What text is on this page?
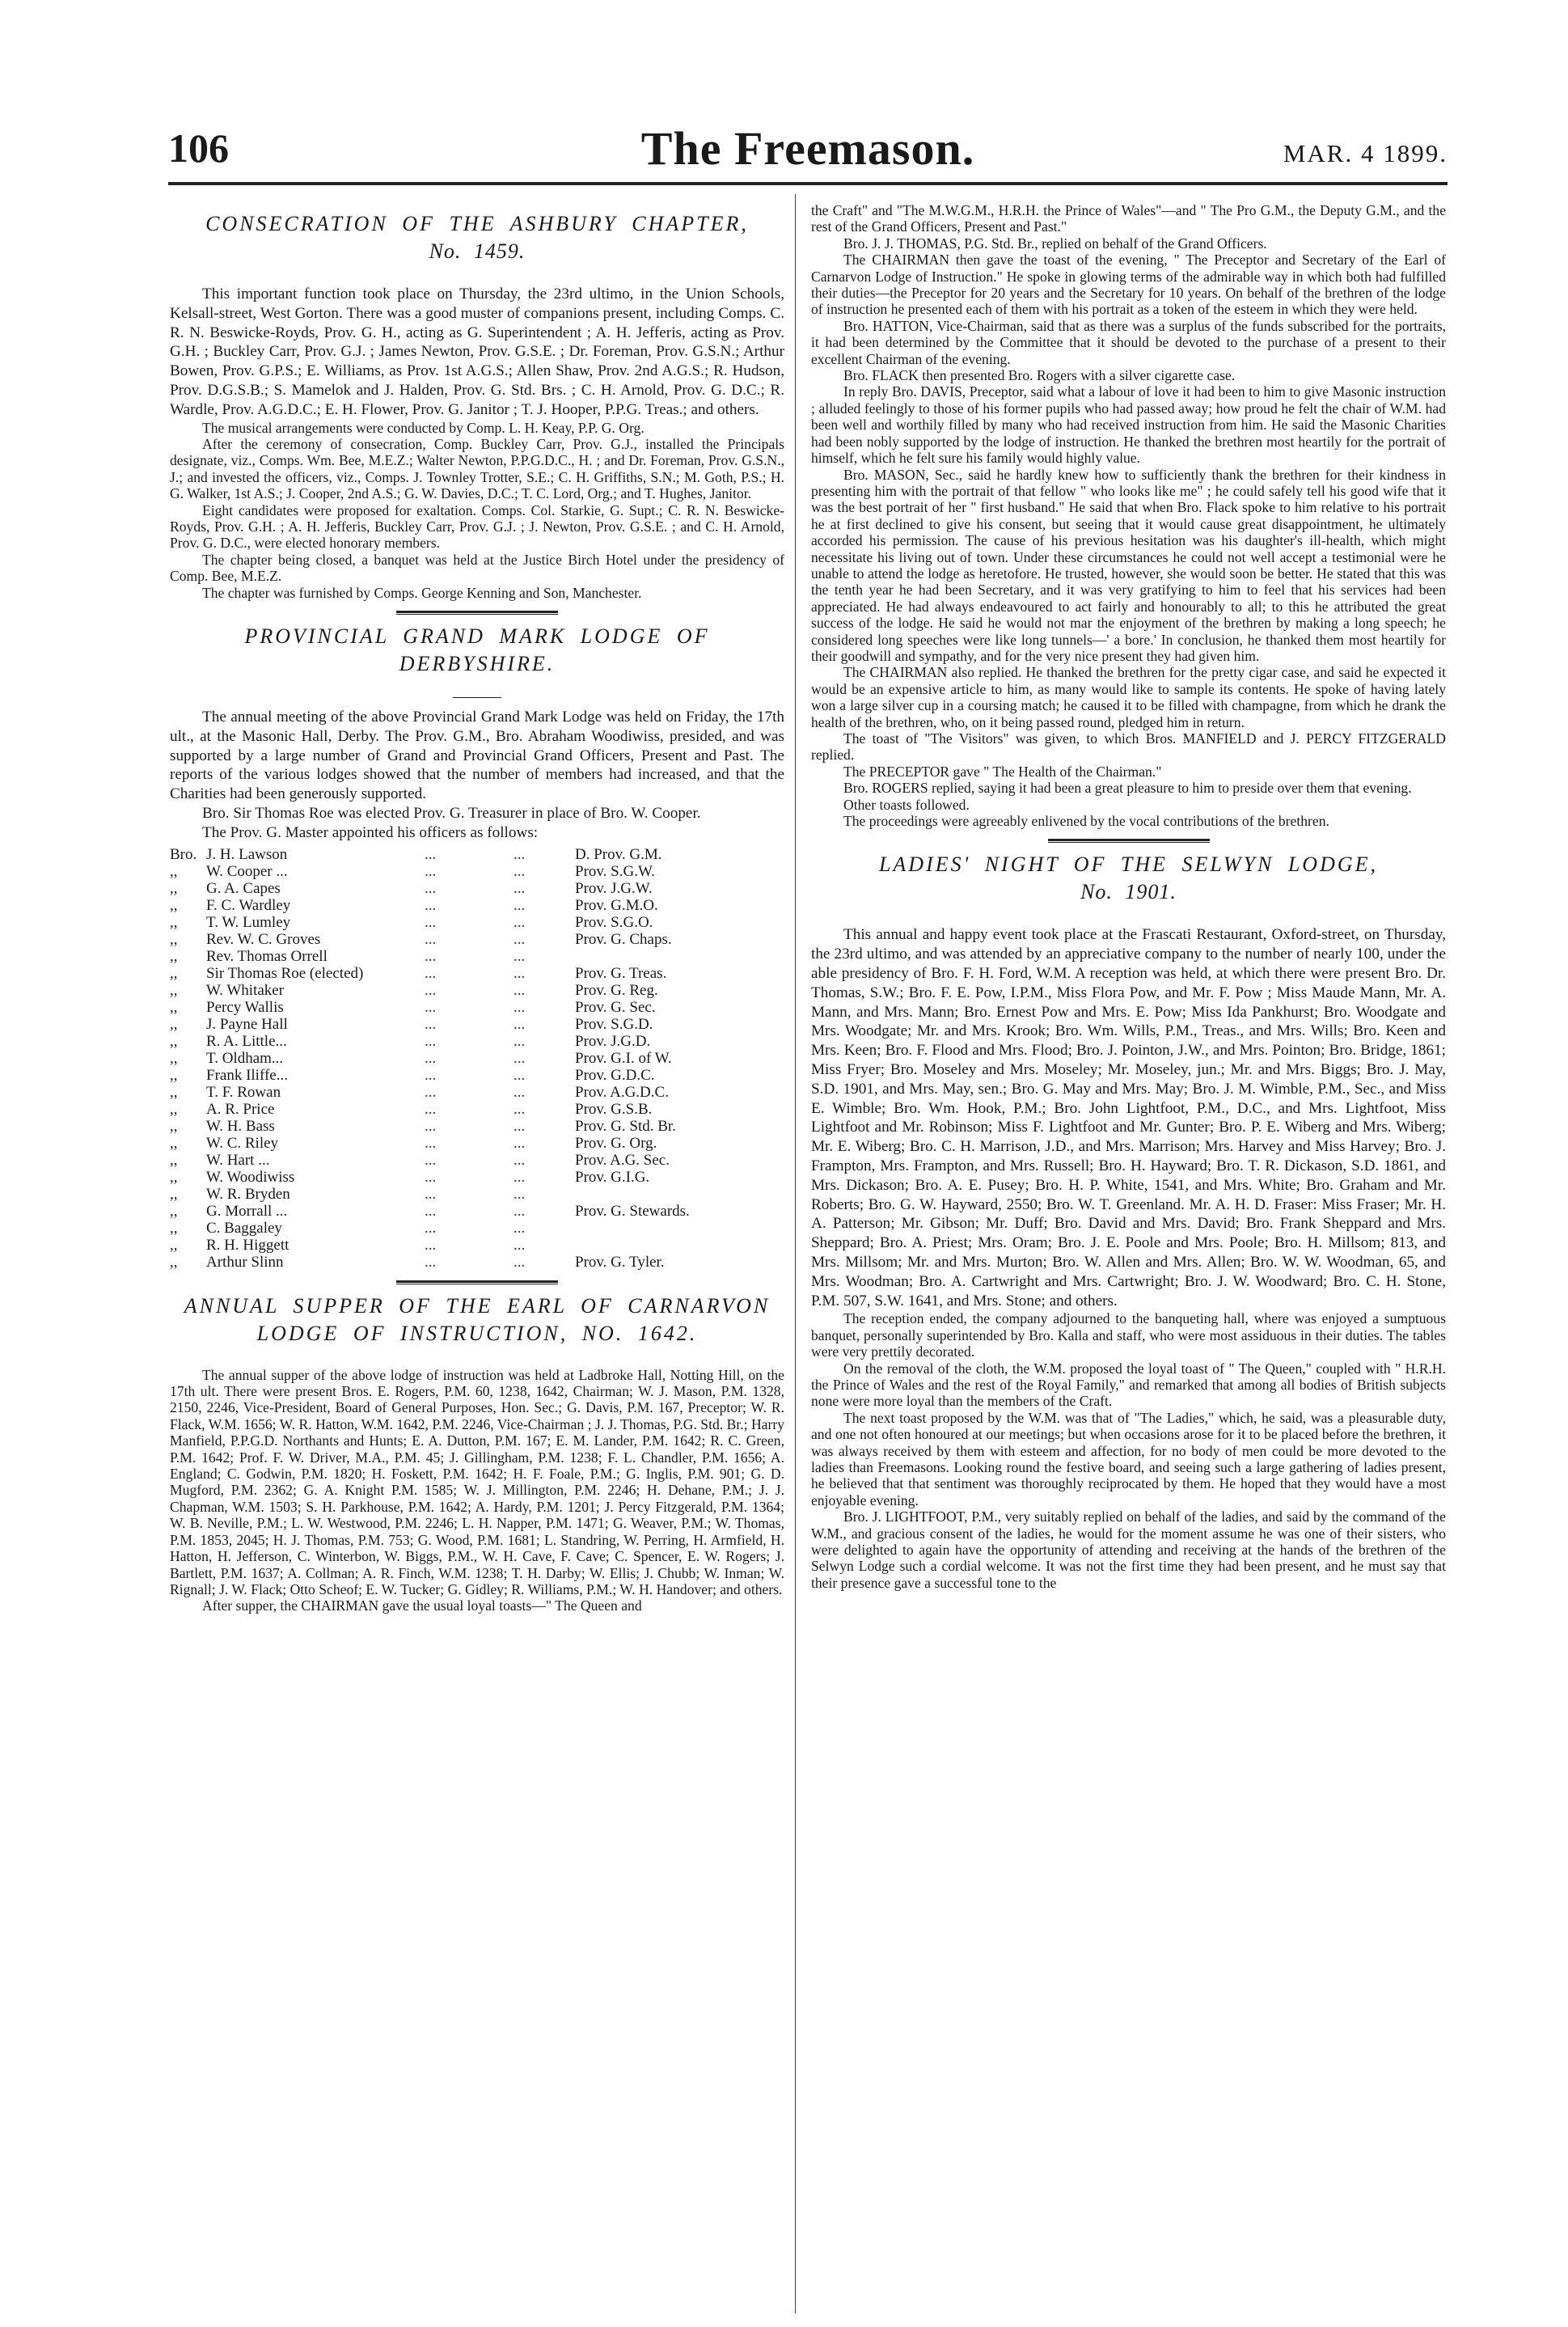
106	The Freemason.	MAR. 4 1899.
CONSECRATION OF THE ASHBURY CHAPTER,
No. 1459.

This important function took place on Thursday, the 23rd ultimo, in the Union Schools, Kelsall-street, West Gorton. There was a good muster of companions present, including Comps. C. R. N. Beswicke-Royds, Prov. G. H., acting as G. Superintendent ; A. H. Jefferis, acting as Prov. G.H. ; Buckley Carr, Prov. G.J. ; James Newton, Prov. G.S.E. ; Dr. Foreman, Prov. G.S.N.; Arthur Bowen, Prov. G.P.S.; E. Williams, as Prov. 1st A.G.S.; Allen Shaw, Prov. 2nd A.G.S.; R. Hudson, Prov. D.G.S.B.; S. Mamelok and J. Halden, Prov. G. Std. Brs. ; C. H. Arnold, Prov. G. D.C.; R. Wardle, Prov. A.G.D.C.; E. H. Flower, Prov. G. Janitor ; T. J. Hooper, P.P.G. Treas.; and others.

The musical arrangements were conducted by Comp. L. H. Keay, P.P. G. Org.

After the ceremony of consecration, Comp. Buckley Carr, Prov. G.J., installed the Principals designate, viz., Comps. Wm. Bee, M.E.Z.; Walter Newton, P.P.G.D.C., H. ; and Dr. Foreman, Prov. G.S.N., J.; and invested the officers, viz., Comps. J. Townley Trotter, S.E.; C. H. Griffiths, S.N.; M. Goth, P.S.; H. G. Walker, 1st A.S.; J. Cooper, 2nd A.S.; G. W. Davies, D.C.; T. C. Lord, Org.; and T. Hughes, Janitor.

Eight candidates were proposed for exaltation. Comps. Col. Starkie, G. Supt.; C. R. N. Beswicke-Royds, Prov. G.H. ; A. H. Jefferis, Buckley Carr, Prov. G.J. ; J. Newton, Prov. G.S.E. ; and C. H. Arnold, Prov. G. D.C., were elected honorary members.

The chapter being closed, a banquet was held at the Justice Birch Hotel under the presidency of Comp. Bee, M.E.Z.

The chapter was furnished by Comps. George Kenning and Son, Manchester.

PROVINCIAL GRAND MARK LODGE OF DERBYSHIRE.

The annual meeting of the above Provincial Grand Mark Lodge was held on Friday, the 17th ult., at the Masonic Hall, Derby. The Prov. G.M., Bro. Abraham Woodiwiss, presided, and was supported by a large number of Grand and Provincial Grand Officers, Present and Past. The reports of the various lodges showed that the number of members had increased, and that the Charities had been generously supported.

Bro. Sir Thomas Roe was elected Prov. G. Treasurer in place of Bro. W. Cooper.

The Prov. G. Master appointed his officers as follows:

Bro.	J. H. Lawson	...	...	D. Prov. G.M.
,,	W. Cooper ...	...	...	Prov. S.G.W.
,,	G. A. Capes	...	...	Prov. J.G.W.
,,	F. C. Wardley	...	...	Prov. G.M.O.
,,	T. W. Lumley	...	...	Prov. S.G.O.
,,	Rev. W. C. Groves	...	...	Prov. G. Chaps.
,,	Rev. Thomas Orrell	...	...	
,,	Sir Thomas Roe (elected)	...	...	Prov. G. Treas.
,,	W. Whitaker	...	...	Prov. G. Reg.
,,	Percy Wallis	...	...	Prov. G. Sec.
,,	J. Payne Hall	...	...	Prov. S.G.D.
,,	R. A. Little...	...	...	Prov. J.G.D.
,,	T. Oldham...	...	...	Prov. G.I. of W.
,,	Frank Iliffe...	...	...	Prov. G.D.C.
,,	T. F. Rowan	...	...	Prov. A.G.D.C.
,,	A. R. Price	...	...	Prov. G.S.B.
,,	W. H. Bass	...	...	Prov. G. Std. Br.
,,	W. C. Riley	...	...	Prov. G. Org.
,,	W. Hart ...	...	...	Prov. A.G. Sec.
,,	W. Woodiwiss	...	...	Prov. G.I.G.
,,	W. R. Bryden	...	...	
,,	G. Morrall ...	...	...	Prov. G. Stewards.
,,	C. Baggaley	...	...	
,,	R. H. Higgett	...	...	
,,	Arthur Slinn	...	...	Prov. G. Tyler.
ANNUAL SUPPER OF THE EARL OF CARNARVON
LODGE OF INSTRUCTION, NO. 1642.

The annual supper of the above lodge of instruction was held at Ladbroke Hall, Notting Hill, on the 17th ult. There were present Bros. E. Rogers, P.M. 60, 1238, 1642, Chairman; W. J. Mason, P.M. 1328, 2150, 2246, Vice-President, Board of General Purposes, Hon. Sec.; G. Davis, P.M. 167, Preceptor; W. R. Flack, W.M. 1656; W. R. Hatton, W.M. 1642, P.M. 2246, Vice-Chairman ; J. J. Thomas, P.G. Std. Br.; Harry Manfield, P.P.G.D. Northants and Hunts; E. A. Dutton, P.M. 167; E. M. Lander, P.M. 1642; R. C. Green, P.M. 1642; Prof. F. W. Driver, M.A., P.M. 45; J. Gillingham, P.M. 1238; F. L. Chandler, P.M. 1656; A. England; C. Godwin, P.M. 1820; H. Foskett, P.M. 1642; H. F. Foale, P.M.; G. Inglis, P.M. 901; G. D. Mugford, P.M. 2362; G. A. Knight P.M. 1585; W. J. Millington, P.M. 2246; H. Dehane, P.M.; J. J. Chapman, W.M. 1503; S. H. Parkhouse, P.M. 1642; A. Hardy, P.M. 1201; J. Percy Fitzgerald, P.M. 1364; W. B. Neville, P.M.; L. W. Westwood, P.M. 2246; L. H. Napper, P.M. 1471; G. Weaver, P.M.; W. Thomas, P.M. 1853, 2045; H. J. Thomas, P.M. 753; G. Wood, P.M. 1681; L. Standring, W. Perring, H. Armfield, H. Hatton, H. Jefferson, C. Winterbon, W. Biggs, P.M., W. H. Cave, F. Cave; C. Spencer, E. W. Rogers; J. Bartlett, P.M. 1637; A. Collman; A. R. Finch, W.M. 1238; T. H. Darby; W. Ellis; J. Chubb; W. Inman; W. Rignall; J. W. Flack; Otto Scheof; E. W. Tucker; G. Gidley; R. Williams, P.M.; W. H. Handover; and others.

After supper, the CHAIRMAN gave the usual loyal toasts—" The Queen and

the Craft" and "The M.W.G.M., H.R.H. the Prince of Wales"—and " The Pro G.M., the Deputy G.M., and the rest of the Grand Officers, Present and Past."

Bro. J. J. THOMAS, P.G. Std. Br., replied on behalf of the Grand Officers.

The CHAIRMAN then gave the toast of the evening, " The Preceptor and Secretary of the Earl of Carnarvon Lodge of Instruction." He spoke in glowing terms of the admirable way in which both had fulfilled their duties—the Preceptor for 20 years and the Secretary for 10 years. On behalf of the brethren of the lodge of instruction he presented each of them with his portrait as a token of the esteem in which they were held.

Bro. HATTON, Vice-Chairman, said that as there was a surplus of the funds subscribed for the portraits, it had been determined by the Committee that it should be devoted to the purchase of a present to their excellent Chairman of the evening.

Bro. FLACK then presented Bro. Rogers with a silver cigarette case.

In reply Bro. DAVIS, Preceptor, said what a labour of love it had been to him to give Masonic instruction ; alluded feelingly to those of his former pupils who had passed away; how proud he felt the chair of W.M. had been well and worthily filled by many who had received instruction from him. He said the Masonic Charities had been nobly supported by the lodge of instruction. He thanked the brethren most heartily for the portrait of himself, which he felt sure his family would highly value.

Bro. MASON, Sec., said he hardly knew how to sufficiently thank the brethren for their kindness in presenting him with the portrait of that fellow " who looks like me" ; he could safely tell his good wife that it was the best portrait of her " first husband." He said that when Bro. Flack spoke to him relative to his portrait he at first declined to give his consent, but seeing that it would cause great disappointment, he ultimately accorded his permission. The cause of his previous hesitation was his daughter's ill-health, which might necessitate his living out of town. Under these circumstances he could not well accept a testimonial were he unable to attend the lodge as heretofore. He trusted, however, she would soon be better. He stated that this was the tenth year he had been Secretary, and it was very gratifying to him to feel that his services had been appreciated. He had always endeavoured to act fairly and honourably to all; to this he attributed the great success of the lodge. He said he would not mar the enjoyment of the brethren by making a long speech; he considered long speeches were like long tunnels—' a bore.' In conclusion, he thanked them most heartily for their goodwill and sympathy, and for the very nice present they had given him.

The CHAIRMAN also replied. He thanked the brethren for the pretty cigar case, and said he expected it would be an expensive article to him, as many would like to sample its contents. He spoke of having lately won a large silver cup in a coursing match; he caused it to be filled with champagne, from which he drank the health of the brethren, who, on it being passed round, pledged him in return.

The toast of "The Visitors" was given, to which Bros. MANFIELD and J. PERCY FITZGERALD replied.

The PRECEPTOR gave " The Health of the Chairman."

Bro. ROGERS replied, saying it had been a great pleasure to him to preside over them that evening.

Other toasts followed.

The proceedings were agreeably enlivened by the vocal contributions of the brethren.

LADIES' NIGHT OF THE SELWYN LODGE,
No. 1901.

This annual and happy event took place at the Frascati Restaurant, Oxford-street, on Thursday, the 23rd ultimo, and was attended by an appreciative company to the number of nearly 100, under the able presidency of Bro. F. H. Ford, W.M. A reception was held, at which there were present Bro. Dr. Thomas, S.W.; Bro. F. E. Pow, I.P.M., Miss Flora Pow, and Mr. F. Pow ; Miss Maude Mann, Mr. A. Mann, and Mrs. Mann; Bro. Ernest Pow and Mrs. E. Pow; Miss Ida Pankhurst; Bro. Woodgate and Mrs. Woodgate; Mr. and Mrs. Krook; Bro. Wm. Wills, P.M., Treas., and Mrs. Wills; Bro. Keen and Mrs. Keen; Bro. F. Flood and Mrs. Flood; Bro. J. Pointon, J.W., and Mrs. Pointon; Bro. Bridge, 1861; Miss Fryer; Bro. Moseley and Mrs. Moseley; Mr. Moseley, jun.; Mr. and Mrs. Biggs; Bro. J. May, S.D. 1901, and Mrs. May, sen.; Bro. G. May and Mrs. May; Bro. J. M. Wimble, P.M., Sec., and Miss E. Wimble; Bro. Wm. Hook, P.M.; Bro. John Lightfoot, P.M., D.C., and Mrs. Lightfoot, Miss Lightfoot and Mr. Robinson; Miss F. Lightfoot and Mr. Gunter; Bro. P. E. Wiberg and Mrs. Wiberg; Mr. E. Wiberg; Bro. C. H. Marrison, J.D., and Mrs. Marrison; Mrs. Harvey and Miss Harvey; Bro. J. Frampton, Mrs. Frampton, and Mrs. Russell; Bro. H. Hayward; Bro. T. R. Dickason, S.D. 1861, and Mrs. Dickason; Bro. A. E. Pusey; Bro. H. P. White, 1541, and Mrs. White; Bro. Graham and Mr. Roberts; Bro. G. W. Hayward, 2550; Bro. W. T. Greenland. Mr. A. H. D. Fraser: Miss Fraser; Mr. H. A. Patterson; Mr. Gibson; Mr. Duff; Bro. David and Mrs. David; Bro. Frank Sheppard and Mrs. Sheppard; Bro. A. Priest; Mrs. Oram; Bro. J. E. Poole and Mrs. Poole; Bro. H. Millsom; 813, and Mrs. Millsom; Mr. and Mrs. Murton; Bro. W. Allen and Mrs. Allen; Bro. W. W. Woodman, 65, and Mrs. Woodman; Bro. A. Cartwright and Mrs. Cartwright; Bro. J. W. Woodward; Bro. C. H. Stone, P.M. 507, S.W. 1641, and Mrs. Stone; and others.

The reception ended, the company adjourned to the banqueting hall, where was enjoyed a sumptuous banquet, personally superintended by Bro. Kalla and staff, who were most assiduous in their duties. The tables were very prettily decorated.

On the removal of the cloth, the W.M. proposed the loyal toast of " The Queen," coupled with " H.R.H. the Prince of Wales and the rest of the Royal Family," and remarked that among all bodies of British subjects none were more loyal than the members of the Craft.

The next toast proposed by the W.M. was that of "The Ladies," which, he said, was a pleasurable duty, and one not often honoured at our meetings; but when occasions arose for it to be placed before the brethren, it was always received by them with esteem and affection, for no body of men could be more devoted to the ladies than Freemasons. Looking round the festive board, and seeing such a large gathering of ladies present, he believed that that sentiment was thoroughly reciprocated by them. He hoped that they would have a most enjoyable evening.

Bro. J. LIGHTFOOT, P.M., very suitably replied on behalf of the ladies, and said by the command of the W.M., and gracious consent of the ladies, he would for the moment assume he was one of their sisters, who were delighted to again have the opportunity of attending and receiving at the hands of the brethren of the Selwyn Lodge such a cordial welcome. It was not the first time they had been present, and he must say that their presence gave a successful tone to the
